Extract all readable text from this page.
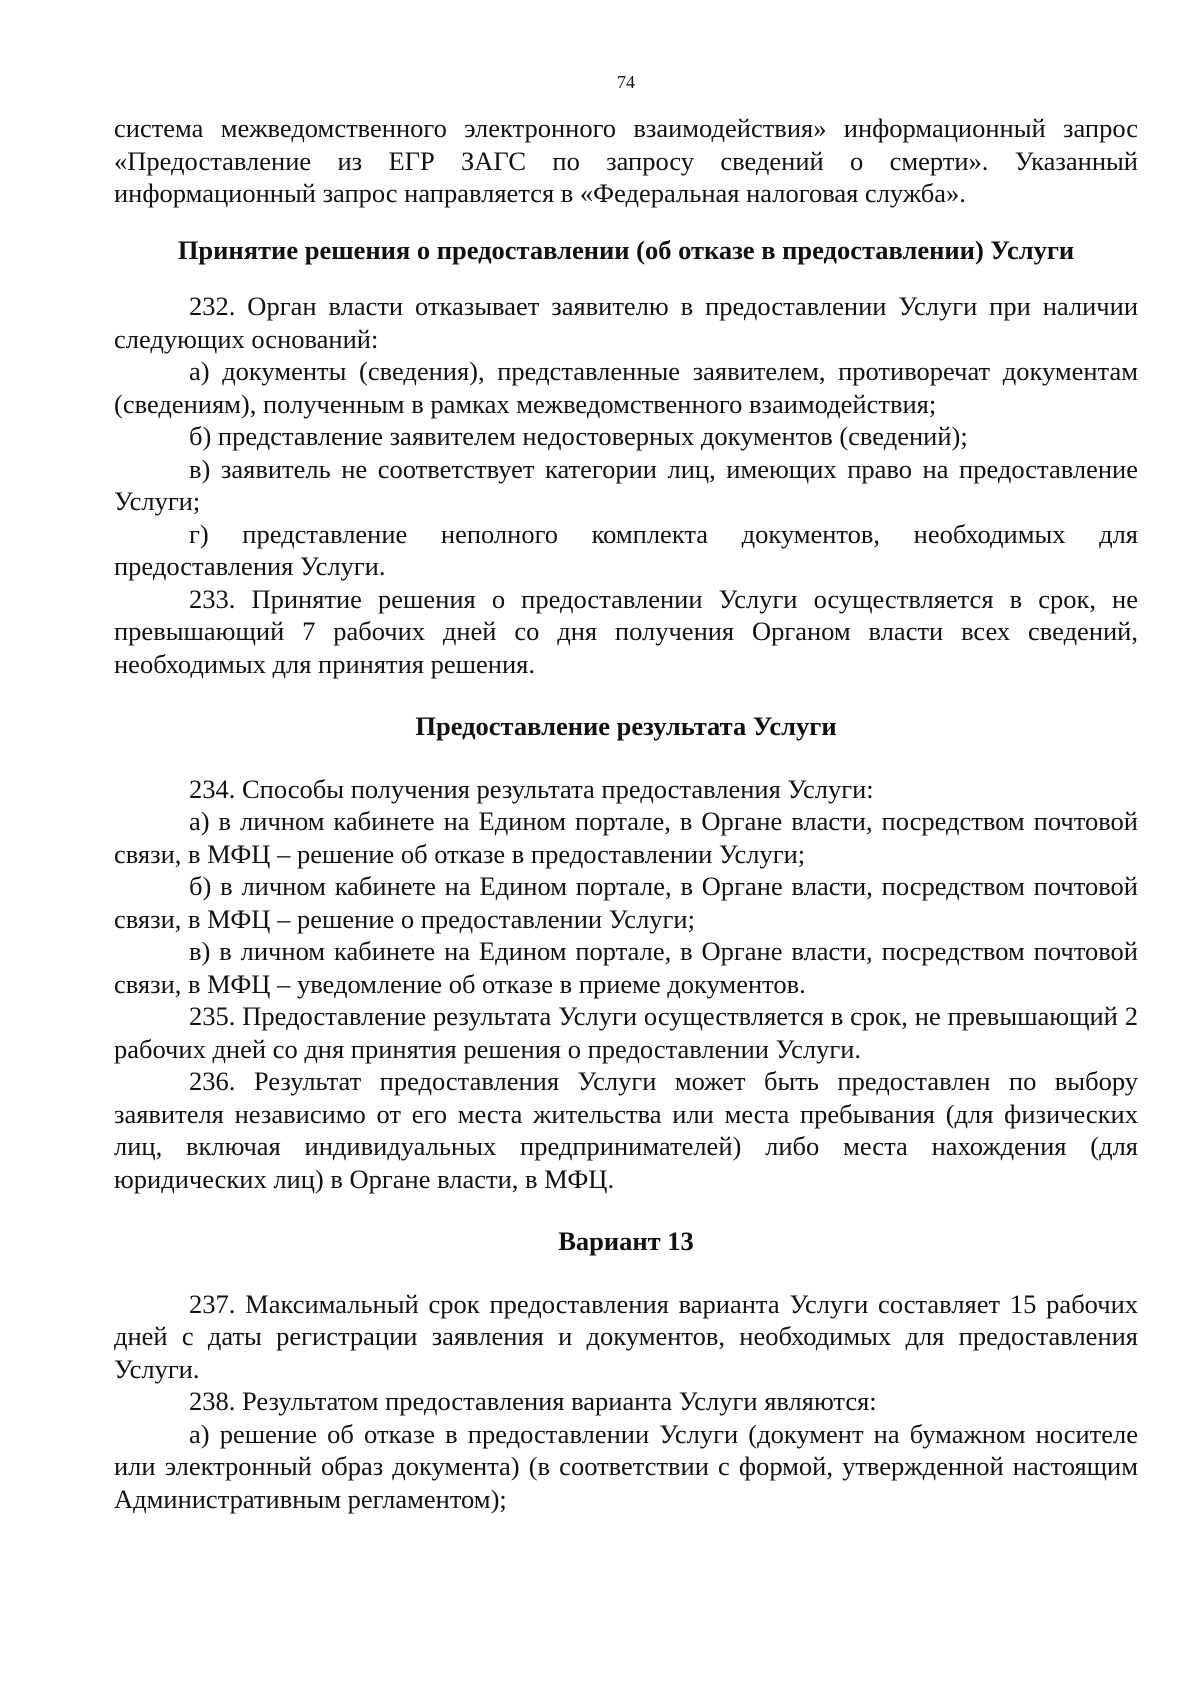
74

система межведомственного электронного взаимодействия» информационный запрос «Предоставление из ЕГР ЗАГС по запросу сведений о смерти». Указанный информационный запрос направляется в «Федеральная налоговая служба».

Принятие решения о предоставлении (об отказе в предоставлении) Услуги

232. Орган власти отказывает заявителю в предоставлении Услуги при наличии следующих оснований:

а) документы (сведения), представленные заявителем, противоречат документам (сведениям), полученным в рамках межведомственного взаимодействия;

б) представление заявителем недостоверных документов (сведений);

в) заявитель не соответствует категории лиц, имеющих право на предоставление Услуги;

г) представление неполного комплекта документов, необходимых для предоставления Услуги.

233. Принятие решения о предоставлении Услуги осуществляется в срок, не превышающий 7 рабочих дней со дня получения Органом власти всех сведений, необходимых для принятия решения.

Предоставление результата Услуги

234. Способы получения результата предоставления Услуги:

а) в личном кабинете на Едином портале, в Органе власти, посредством почтовой связи, в МФЦ – решение об отказе в предоставлении Услуги;

б) в личном кабинете на Едином портале, в Органе власти, посредством почтовой связи, в МФЦ – решение о предоставлении Услуги;

в) в личном кабинете на Едином портале, в Органе власти, посредством почтовой связи, в МФЦ – уведомление об отказе в приеме документов.

235. Предоставление результата Услуги осуществляется в срок, не превышающий 2 рабочих дней со дня принятия решения о предоставлении Услуги.

236. Результат предоставления Услуги может быть предоставлен по выбору заявителя независимо от его места жительства или места пребывания (для физических лиц, включая индивидуальных предпринимателей) либо места нахождения (для юридических лиц) в Органе власти, в МФЦ.

Вариант 13

237. Максимальный срок предоставления варианта Услуги составляет 15 рабочих дней с даты регистрации заявления и документов, необходимых для предоставления Услуги.

238. Результатом предоставления варианта Услуги являются:

а) решение об отказе в предоставлении Услуги (документ на бумажном носителе или электронный образ документа) (в соответствии с формой, утвержденной настоящим Административным регламентом);
